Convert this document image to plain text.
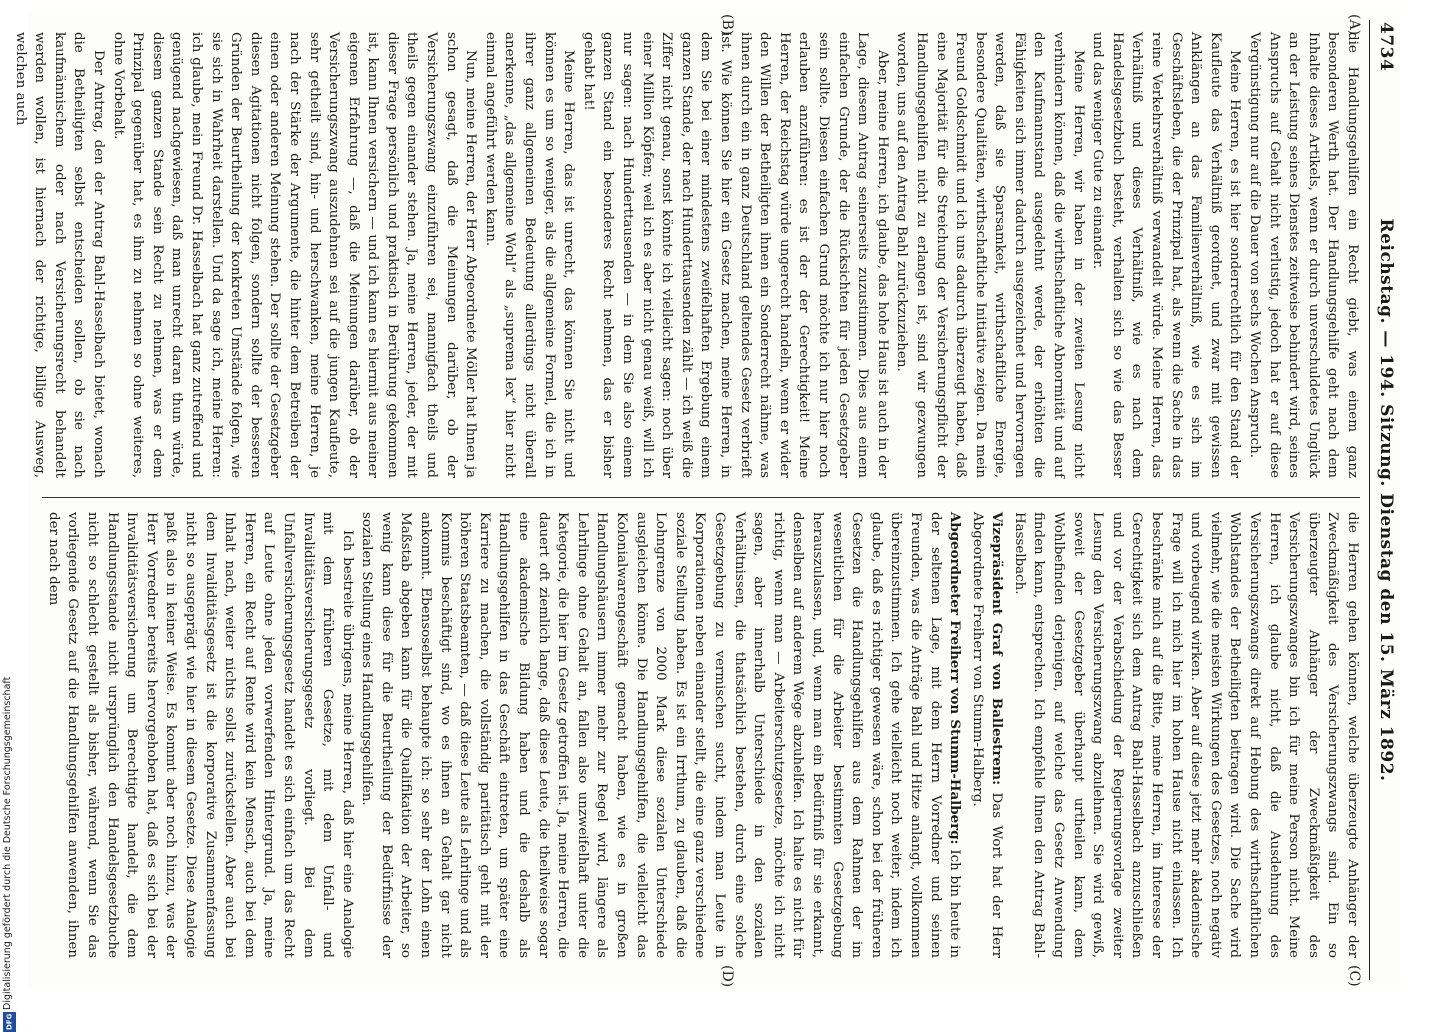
4734
Reichstag. — 194. Sitzung. Dienstag den 15. März 1892.
(A)
(B)
(C)
(D)

die Handlungsgehilfen ein Recht giebt, was einem ganz besonderen Werth hat. Der Handlungsgehilfe geht nach dem Inhalte dieses Artikels, wenn er durch unverschuldetes Unglück an der Leistung seines Dienstes zeitweise behindert wird, seines Anspruchs auf Gehalt nicht verlustig, jedoch hat er auf diese Vergünstigung nur auf die Dauer von sechs Wochen Anspruch.

Meine Herren, es ist hier sonderrechtlich für den Stand der Kaufleute das Verhältniß geordnet, und zwar mit gewissen Anklängen an das Familienverhältniß, wie es sich im Geschäftsleben, die der Prinzipal hat, als wenn die Sache in das reine Verkehrsverhältniß verwandelt würde. Meine Herren, das Verhältniß und dieses Verhältniß, wie es nach dem Handelsgesetzbuch besteht, verhalten sich so wie das Besser und das weniger Gute zu einander.

Meine Herren, wir haben in der zweiten Lesung nicht verhindern können, daß die wirthschaftliche Abnormität und auf den Kaufmannstand ausgedehnt werde, der erhöhten die Fähigkeiten sich immer dadurch ausgezeichnet und hervorragen werden, daß sie Sparsamkeit, wirthschaftliche Energie, besondere Qualitäten, wirthschaftliche Initiative zeigen. Da mein Freund Goldschmidt und ich uns dadurch überzeugt haben, daß eine Majorität für die Streichung der Versicherungspflicht der Handlungsgehilfen nicht zu erlangen ist, sind wir gezwungen worden, uns auf den Antrag Bahl zurückzuziehen.

Aber, meine Herren, ich glaube, das hohe Haus ist auch in der Lage, diesem Antrag seinerseits zuzustimmen. Dies aus einem einfachen Grunde, der die Rücksichten für jeden Gesetzgeber sein sollte. Diesen einfachen Grund möchte ich nur hier noch erlauben anzuführen: es ist der der Gerechtigkeit! Meine Herren, der Reichstag würde ungerecht handeln, wenn er wider den Willen der Betheiligten ihnen ein Sonderrecht nähme, was ihnen durch ein in ganz Deutschland geltendes Gesetz verbrieft ist. Wie können Sie hier ein Gesetz machen, meine Herren, in dem Sie bei einer mindestens zweifelhaften Ergebung einem ganzen Stande, der nach Hunderttausenden zählt — ich weiß die Ziffer nicht genau, sonst könnte ich vielleicht sagen: noch über einer Million Köpfen; weil ich es aber nicht genau weiß, will ich nur sagen: nach Hunderttausenden — in dem Sie also einem ganzen Stand ein besonderes Recht nehmen, das er bisher gehabt hat!

Meine Herren, das ist unrecht, das können Sie nicht und können es um so weniger, als die allgemeine Formel, die ich in ihrer ganz allgemeinen Bedeutung allerdings nicht überall anerkenne, „das allgemeine Wohl“ als „suprema lex“ hier nicht einmal angeführt werden kann.

Nun, meine Herren, der Herr Abgeordnete Möller hat Ihnen ja schon gesagt, daß die Meinungen darüber, ob der Versicherungszwang einzuführen sei, mannigfach theils und theils gegen einander stehen. Ja, meine Herren, jeder, der mit dieser Frage persönlich und praktisch in Berührung gekommen ist, kann Ihnen versichern — und ich kann es hiermit aus meiner eigenen Erfahrung —, daß die Meinungen darüber, ob der Versicherungszwang auszudehnen sei auf die jungen Kaufleute, sehr getheilt sind, hin- und herschwanken, meine Herren, je nach der Stärke der Argumente, die hinter dem Betreiben der einen oder anderen Meinung stehen. Der sollte der Gesetzgeber diesen Agitationen nicht folgen, sondern sollte der besseren Gründen der Beurtheilung der konkreten Umstände folgen, wie sie sich in Wahrheit darstellen. Und da sage ich, meine Herren: ich glaube, mein Freund Dr. Hasselbach hat ganz zutreffend und genügend nachgewiesen, daß man unrecht daran thun würde, diesem ganzen Stande sein Recht zu nehmen, was er dem Prinzipal gegenüber hat, es ihm zu nehmen so ohne weiteres, ohne Vorbehalt.

Der Antrag, den der Antrag Bahl-Hasselbach bietet, wonach die Betheiligten selbst entscheiden sollen, ob sie nach kaufmännischem oder nach Versicherungsrecht behandelt werden wollen, ist hiernach der richtige, billige Ausweg, welchen auch

die Herren gehen können, welche überzeugte Anhänger der Zweckmäßigkeit des Versicherungszwangs sind. Ein so überzeugter Anhänger der Zweckmäßigkeit des Versicherungszwanges bin ich für meine Person nicht. Meine Herren, ich glaube nicht, daß die Ausdehnung des Versicherungszwangs direkt auf Hebung des wirthschaftlichen Wohlstandes der Betheiligten beitragen wird. Die Sache wird vielmehr, wie die meisten Wirkungen des Gesetzes, noch negativ und vorbeugend wirken. Aber auf diese jetzt mehr akademische Frage will ich mich hier im hohen Hause nicht einlassen. Ich beschränke mich auf die Bitte, meine Herren, im Interesse der Gerechtigkeit sich dem Antrag Bahl-Hasselbach anzuschließen und vor der Verabschiedung der Regierungsvorlage zweiter Lesung den Versicherungszwang abzulehnen. Sie wird gewiß, soweit der Gesetzgeber überhaupt urtheilen kann, dem Wohlbefinden derjenigen, auf welche das Gesetz Anwendung finden kann, entsprechen. Ich empfehle Ihnen den Antrag Bahl-Hasselbach.

Vizepräsident Graf von Ballestrem: Das Wort hat der Herr Abgeordnete Freiherr von Stumm-Halberg.

Abgeordneter Freiherr von Stumm-Halberg: Ich bin heute in der seltenen Lage, mit dem Herrn Vorredner und seinen Freunden, was die Anträge Bahl und Hitze anlangt, vollkommen übereinzustimmen. Ich gehe vielleicht noch weiter, indem ich glaube, daß es richtiger gewesen wäre, schon bei der früheren Gesetzen die Handlungsgehilfen aus dem Rahmen der im wesentlichen für die Arbeiter bestimmten Gesetzgebung herauszulassen, und, wenn man ein Bedürfniß für sie erkannt, denselben auf anderem Wege abzuhelfen. Ich halte es nicht für richtig, wenn man — Arbeiterschutzgesetze, möchte ich nicht sagen, aber innerhalb Unterschiede in den sozialen Verhältnissen, die thatsächlich bestehen, durch eine solche Gesetzgebung zu vermischen sucht, indem man Leute in Korporationen neben einander stellt, die eine ganz verschiedene soziale Stellung haben. Es ist ein Irrthum, zu glauben, daß die Lohngrenze von 2000 Mark diese sozialen Unterschiede ausgleichen könne. Die Handlungsgehilfen, die vielleicht das Kolonialwarengeschäft gemacht haben, wie es in großen Handlungshäusern immer mehr zur Regel wird, längere als Lehrlinge ohne Gehalt an, fallen also unzweifelhaft unter die Kategorie, die hier im Gesetz getroffen ist. Ja, meine Herren, die dauert oft ziemlich lange, daß diese Leute, die theilweise sogar eine akademische Bildung haben und die deshalb als Handlungsgehilfen in das Geschäft eintreten, um später eine Karriere zu machen, die vollständig paritätisch geht mit der höheren Staatsbeamten, — daß diese Leute als Lehrlinge und als Kommis beschäftigt sind, wo es ihnen an Gehalt gar nicht ankommt. Ebensoselbst behaupte ich: so sehr der Lohn einen Maßstab abgeben kann für die Qualifikation der Arbeiter, so wenig kann diese für die Beurtheilung der Bedürfnisse der sozialen Stellung eines Handlungsgehilfen.

Ich bestreite übrigens, meine Herren, daß hier eine Analogie mit dem früheren Gesetze, mit dem Unfall- und Invaliditätsversicherungsgesetz vorliegt. Bei dem Unfallversicherungsgesetz handelt es sich einfach um das Recht auf Leute ohne jeden vorwerfenden Hintergrund. Ja, meine Herren, ein Recht auf Rente wird kein Mensch, auch bei dem Inhalt nach, weiter nichts sollst zurückstellen. Aber auch bei dem Invaliditätsgesetz ist die korporative Zusammenfassung nicht so ausgeprägt wie hier in diesem Gesetze. Diese Analogie paßt also in keiner Weise. Es kommt aber noch hinzu, was der Herr Vorredner bereits hervorgehoben hat, daß es sich bei der Invaliditätsversicherung um Berechtigte handelt, die dem Handlungsstande nicht ursprünglich den Handelsgesetzbuche nicht so schlecht gestellt als bisher, während, wenn Sie das vorliegende Gesetz auf die Handlungsgehilfen anwenden, ihnen der nach dem

Digitalisierung gefördert durch die Deutsche Forschungsgemeinschaft
DFG
